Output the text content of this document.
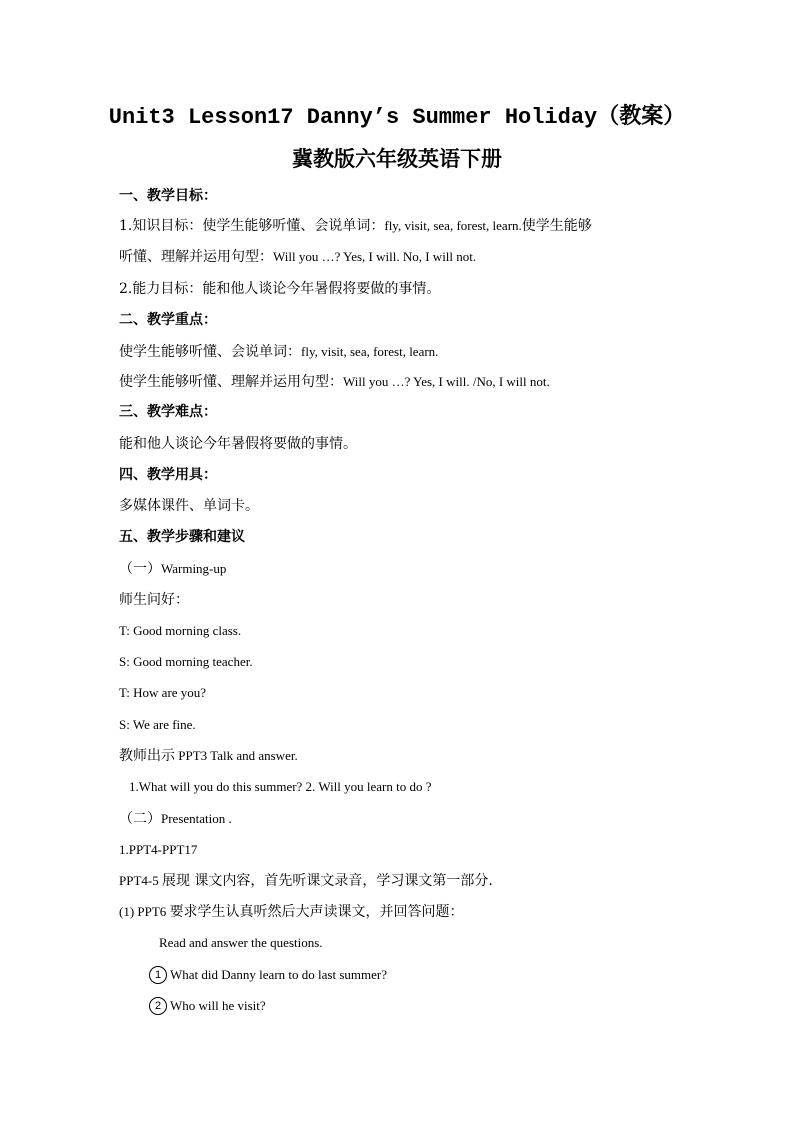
Unit3 Lesson17 Danny’s Summer Holiday（教案）
冀教版六年级英语下册
一、教学目标：
1.知识目标：使学生能够听懂、会说单词：fly, visit, sea, forest, learn.使学生能够
听懂、理解并运用句型：Will you …? Yes, I will. No, I will not.
2.能力目标：能和他人谈论今年暑假将要做的事情。
二、教学重点：
使学生能够听懂、会说单词：fly, visit, sea, forest, learn.
使学生能够听懂、理解并运用句型：Will you …? Yes, I will. /No, I will not.
三、教学难点：
能和他人谈论今年暑假将要做的事情。
四、教学用具：
多媒体课件、单词卡。
五、教学步骤和建议
（一）Warming-up
师生问好：
T: Good morning class.
S: Good morning teacher.
T: How are you?
S: We are fine.
教师出示 PPT3 Talk and answer.
1.What will you do this summer? 2. Will you learn to do ?
（二）Presentation .
1.PPT4-PPT17
PPT4-5 展现 课文内容，首先听课文录音，学习课文第一部分.
(1) PPT6 要求学生认真听然后大声读课文，并回答问题：
Read and answer the questions.
1 What did Danny learn to do last summer?
2 Who will he visit?
